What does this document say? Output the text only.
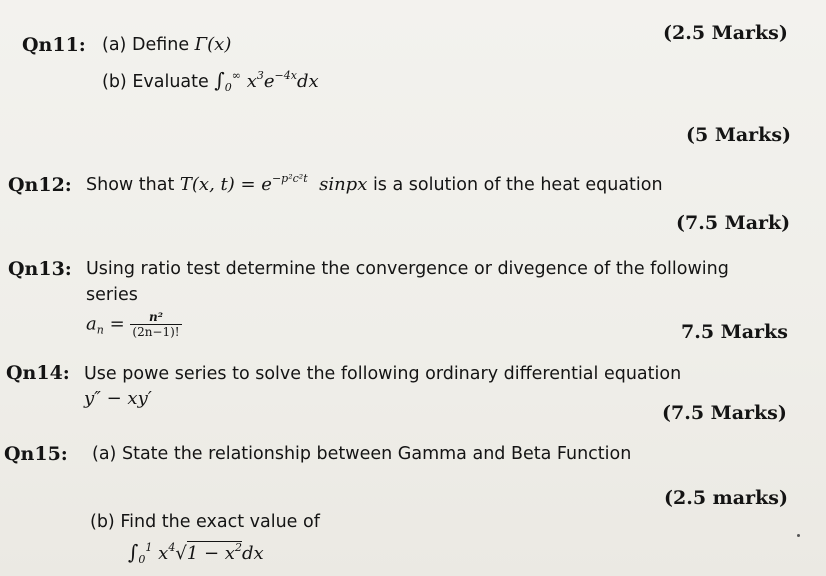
Qn11: (a) Define Γ(x)
(2.5 Marks)
(b) Evaluate $\int_0^\infty$ $x^3e^{-4x}dx$
(5 Marks)
Qn12: Show that T(x, $t) = e^{-p^2c^2t}$ sinpx is a solution of the heat equation
(7.5 Mark)
Qn13: Using ratio test determine the convergence or divegence of the following
series
$a_n = \frac{\text{n²}}{(2n-1)!}$	7.5 Marks
Qn14: Use powe series to solve the following ordinary differential equation
y″ − xy′
(7.5 Marks)
Qn15: (a) State the relationship between Gamma and Beta Function
(2.5 marks)
(b) Find the exact value of
$\int_0^1$ $x^4√1 - x^2dx$
